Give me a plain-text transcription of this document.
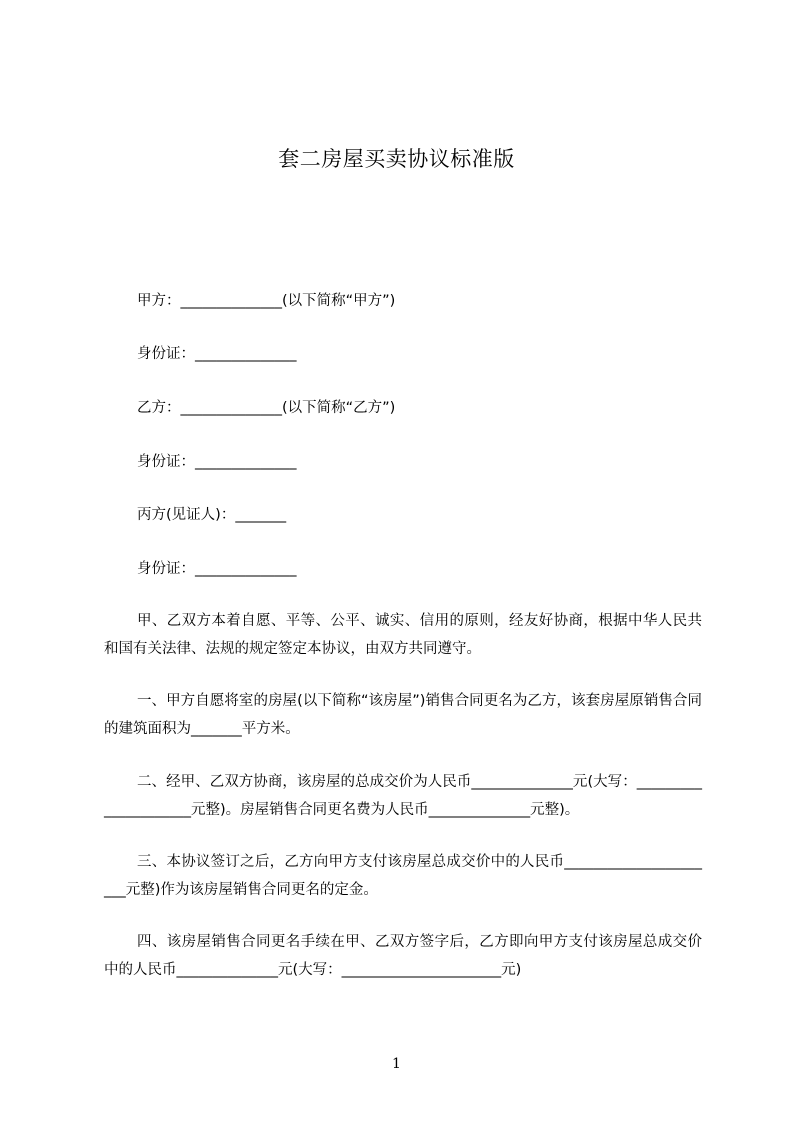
套二房屋买卖协议标准版

甲方：______________(以下简称“甲方”)

身份证：______________

乙方：______________(以下简称“乙方”)

身份证：______________

丙方(见证人)：_______

身份证：______________

甲、乙双方本着自愿、平等、公平、诚实、信用的原则，经友好协商，根据中华人民共和国有关法律、法规的规定签定本协议，由双方共同遵守。

一、甲方自愿将室的房屋(以下简称“该房屋”)销售合同更名为乙方，该套房屋原销售合同的建筑面积为_______平方米。

二、经甲、乙双方协商，该房屋的总成交价为人民币______________元(大写：_____________________元整)。房屋销售合同更名费为人民币______________元整)。

三、本协议签订之后，乙方向甲方支付该房屋总成交价中的人民币______________________元整)作为该房屋销售合同更名的定金。

四、该房屋销售合同更名手续在甲、乙双方签字后，乙方即向甲方支付该房屋总成交价中的人民币______________元(大写：______________________元)

1
